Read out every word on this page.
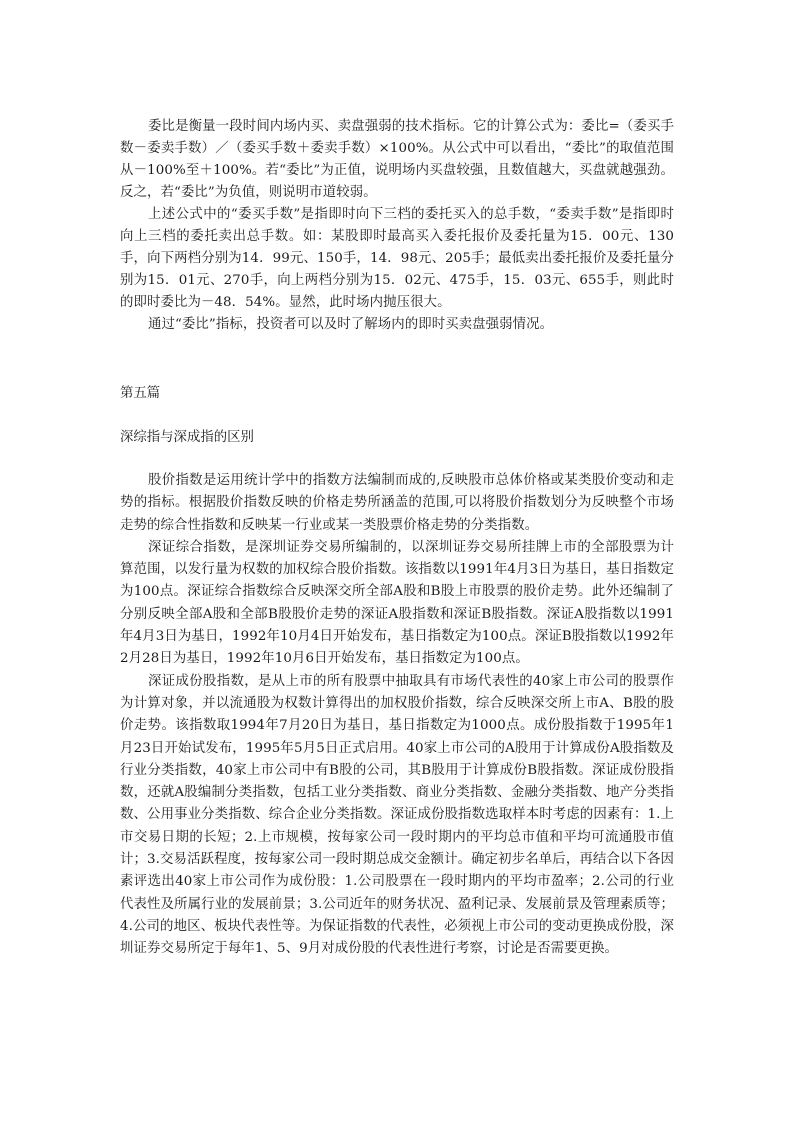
委比是衡量一段时间内场内买、卖盘强弱的技术指标。它的计算公式为：委比=（委买手数－委卖手数）／（委买手数＋委卖手数）×100%。从公式中可以看出，“委比”的取值范围从－100%至＋100%。若“委比”为正值，说明场内买盘较强，且数值越大，买盘就越强劲。反之，若“委比”为负值，则说明市道较弱。

上述公式中的“委买手数”是指即时向下三档的委托买入的总手数，“委卖手数”是指即时向上三档的委托卖出总手数。如：某股即时最高买入委托报价及委托量为15．00元、130手，向下两档分别为14．99元、150手，14．98元、205手；最低卖出委托报价及委托量分别为15．01元、270手，向上两档分别为15．02元、475手，15．03元、655手，则此时的即时委比为－48．54%。显然，此时场内抛压很大。

通过“委比”指标，投资者可以及时了解场内的即时买卖盘强弱情况。

第五篇

深综指与深成指的区别

股价指数是运用统计学中的指数方法编制而成的,反映股市总体价格或某类股价变动和走势的指标。根据股价指数反映的价格走势所涵盖的范围,可以将股价指数划分为反映整个市场走势的综合性指数和反映某一行业或某一类股票价格走势的分类指数。

深证综合指数，是深圳证券交易所编制的，以深圳证券交易所挂牌上市的全部股票为计算范围，以发行量为权数的加权综合股价指数。该指数以1991年4月3日为基日，基日指数定为100点。深证综合指数综合反映深交所全部A股和B股上市股票的股价走势。此外还编制了分别反映全部A股和全部B股股价走势的深证A股指数和深证B股指数。深证A股指数以1991年4月3日为基日，1992年10月4日开始发布，基日指数定为100点。深证B股指数以1992年2月28日为基日，1992年10月6日开始发布，基日指数定为100点。

深证成份股指数，是从上市的所有股票中抽取具有市场代表性的40家上市公司的股票作为计算对象，并以流通股为权数计算得出的加权股价指数，综合反映深交所上市A、B股的股价走势。该指数取1994年7月20日为基日，基日指数定为1000点。成份股指数于1995年1月23日开始试发布，1995年5月5日正式启用。40家上市公司的A股用于计算成份A股指数及行业分类指数，40家上市公司中有B股的公司，其B股用于计算成份B股指数。深证成份股指数，还就A股编制分类指数，包括工业分类指数、商业分类指数、金融分类指数、地产分类指数、公用事业分类指数、综合企业分类指数。深证成份股指数选取样本时考虑的因素有：1.上市交易日期的长短；2.上市规模，按每家公司一段时期内的平均总市值和平均可流通股市值计；3.交易活跃程度，按每家公司一段时期总成交金额计。确定初步名单后，再结合以下各因素评选出40家上市公司作为成份股：1.公司股票在一段时期内的平均市盈率；2.公司的行业代表性及所属行业的发展前景；3.公司近年的财务状况、盈利记录、发展前景及管理素质等；4.公司的地区、板块代表性等。为保证指数的代表性，必须视上市公司的变动更换成份股，深圳证券交易所定于每年1、5、9月对成份股的代表性进行考察，讨论是否需要更换。
